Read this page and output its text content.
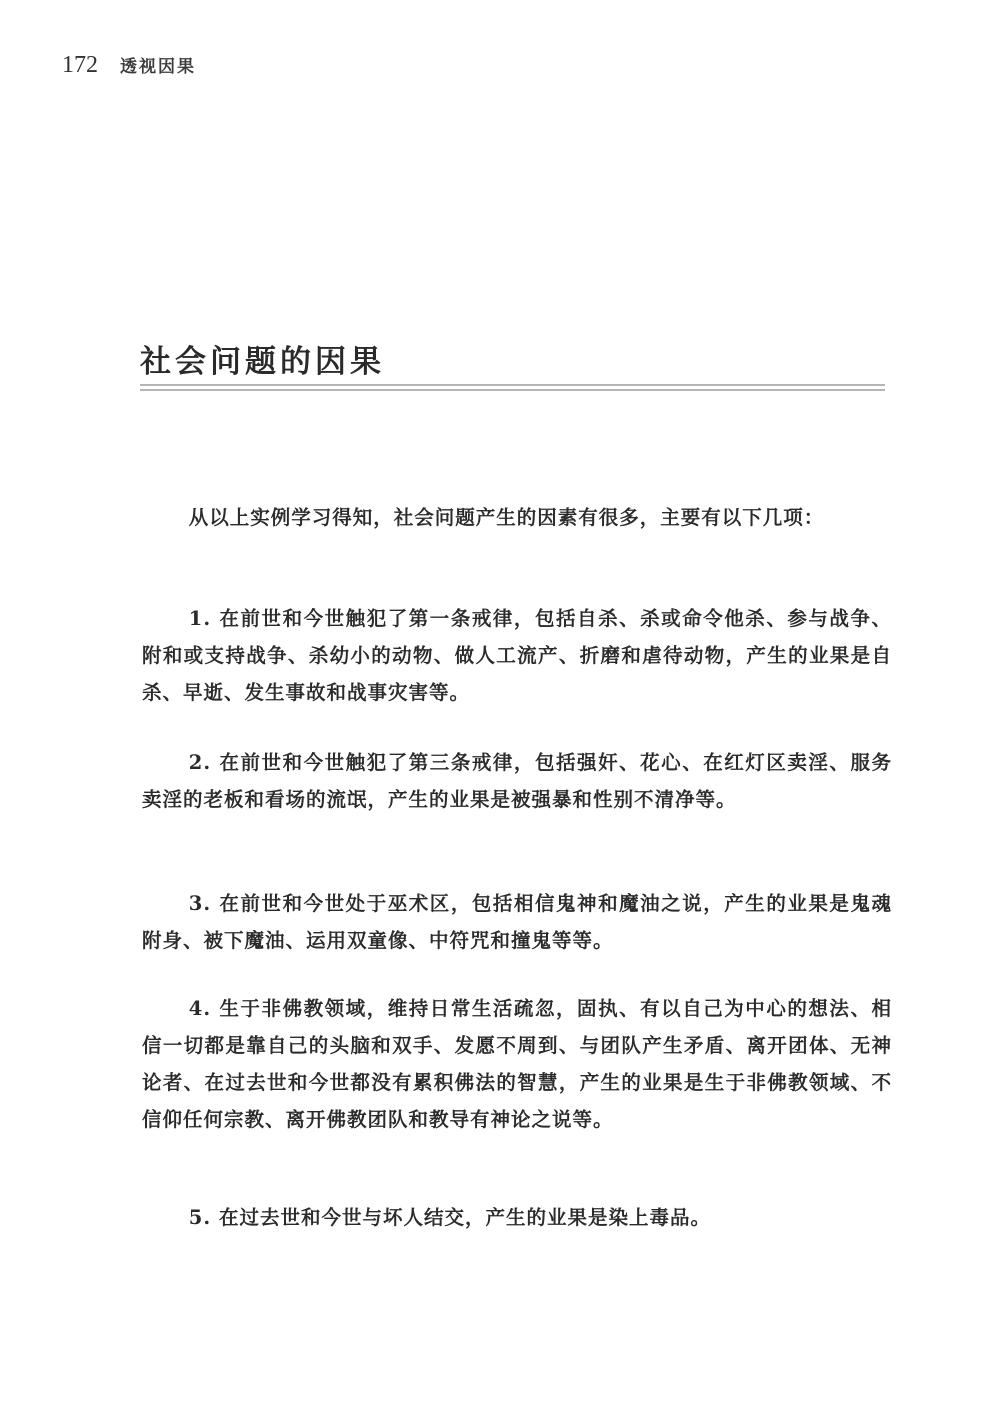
172 透视因果
社会问题的因果

从以上实例学习得知，社会问题产生的因素有很多，主要有以下几项：

1. 在前世和今世触犯了第一条戒律，包括自杀、杀或命令他杀、参与战争、附和或支持战争、杀幼小的动物、做人工流产、折磨和虐待动物，产生的业果是自杀、早逝、发生事故和战事灾害等。

2. 在前世和今世触犯了第三条戒律，包括强奸、花心、在红灯区卖淫、服务卖淫的老板和看场的流氓，产生的业果是被强暴和性别不清净等。

3. 在前世和今世处于巫术区，包括相信鬼神和魔油之说，产生的业果是鬼魂附身、被下魔油、运用双童像、中符咒和撞鬼等等。

4. 生于非佛教领域，维持日常生活疏忽，固执、有以自己为中心的想法、相信一切都是靠自己的头脑和双手、发愿不周到、与团队产生矛盾、离开团体、无神论者、在过去世和今世都没有累积佛法的智慧，产生的业果是生于非佛教领域、不信仰任何宗教、离开佛教团队和教导有神论之说等。

5. 在过去世和今世与坏人结交，产生的业果是染上毒品。
